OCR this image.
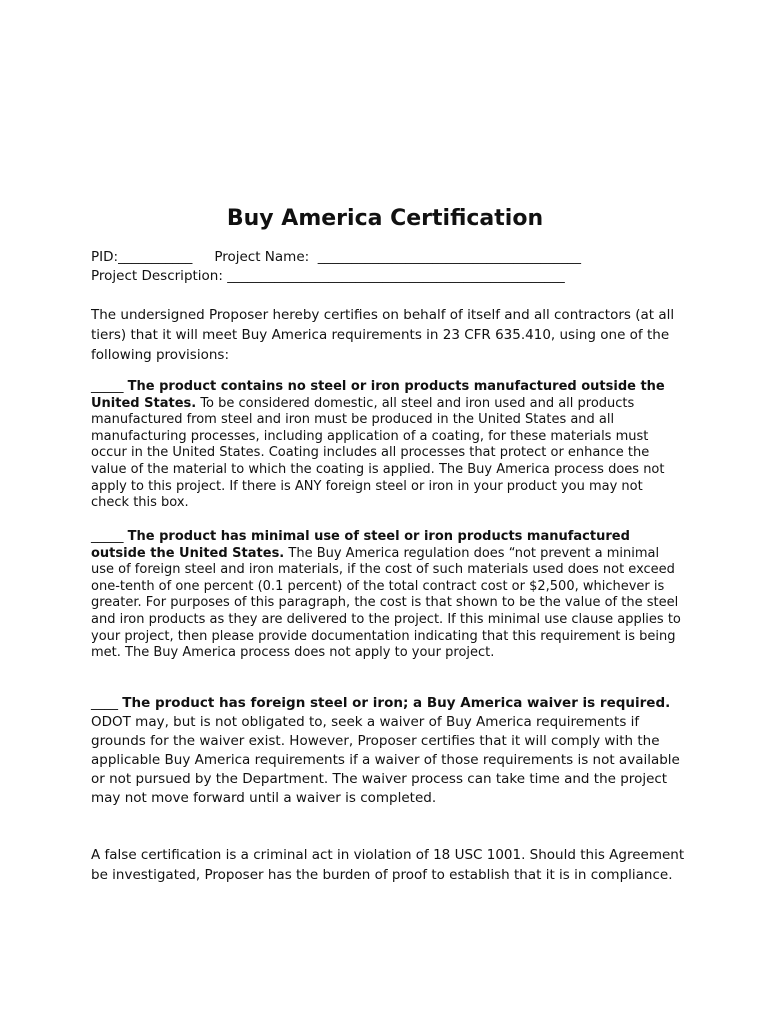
Buy America Certification

PID:___________ Project Name:  _______________________________________

Project Description: __________________________________________________

The undersigned Proposer hereby certifies on behalf of itself and all contractors (at all tiers) that it will meet Buy America requirements in 23 CFR 635.410, using one of the following provisions:

_____ The product contains no steel or iron products manufactured outside the United States. To be considered domestic, all steel and iron used and all products manufactured from steel and iron must be produced in the United States and all manufacturing processes, including application of a coating, for these materials must occur in the United States. Coating includes all processes that protect or enhance the value of the material to which the coating is applied. The Buy America process does not apply to this project. If there is ANY foreign steel or iron in your product you may not check this box.

_____ The product has minimal use of steel or iron products manufactured outside the United States. The Buy America regulation does “not prevent a minimal use of foreign steel and iron materials, if the cost of such materials used does not exceed one-tenth of one percent (0.1 percent) of the total contract cost or $2,500, whichever is greater. For purposes of this paragraph, the cost is that shown to be the value of the steel and iron products as they are delivered to the project. If this minimal use clause applies to your project, then please provide documentation indicating that this requirement is being met. The Buy America process does not apply to your project.

____ The product has foreign steel or iron; a Buy America waiver is required. ODOT may, but is not obligated to, seek a waiver of Buy America requirements if grounds for the waiver exist. However, Proposer certifies that it will comply with the applicable Buy America requirements if a waiver of those requirements is not available or not pursued by the Department. The waiver process can take time and the project may not move forward until a waiver is completed.

A false certification is a criminal act in violation of 18 USC 1001. Should this Agreement be investigated, Proposer has the burden of proof to establish that it is in compliance.
